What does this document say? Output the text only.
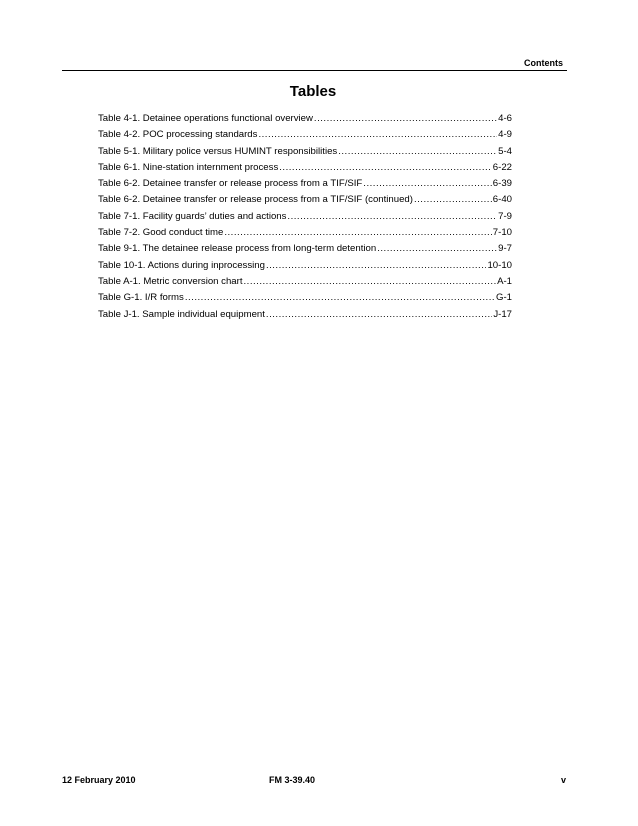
Contents
Tables
Table 4-1. Detainee operations functional overview .....	4-6
Table 4-2. POC processing standards .....	4-9
Table 5-1. Military police versus HUMINT responsibilities .....	5-4
Table 6-1. Nine-station internment process .....	6-22
Table 6-2. Detainee transfer or release process from a TIF/SIF .....	6-39
Table 6-2. Detainee transfer or release process from a TIF/SIF (continued) .....	6-40
Table 7-1. Facility guards’ duties and actions .....	7-9
Table 7-2. Good conduct time .....	7-10
Table 9-1. The detainee release process from long-term detention .....	9-7
Table 10-1. Actions during inprocessing .....	10-10
Table A-1. Metric conversion chart .....	A-1
Table G-1. I/R forms .....	G-1
Table J-1. Sample individual equipment .....	J-17
12 February 2010	FM 3-39.40	v
